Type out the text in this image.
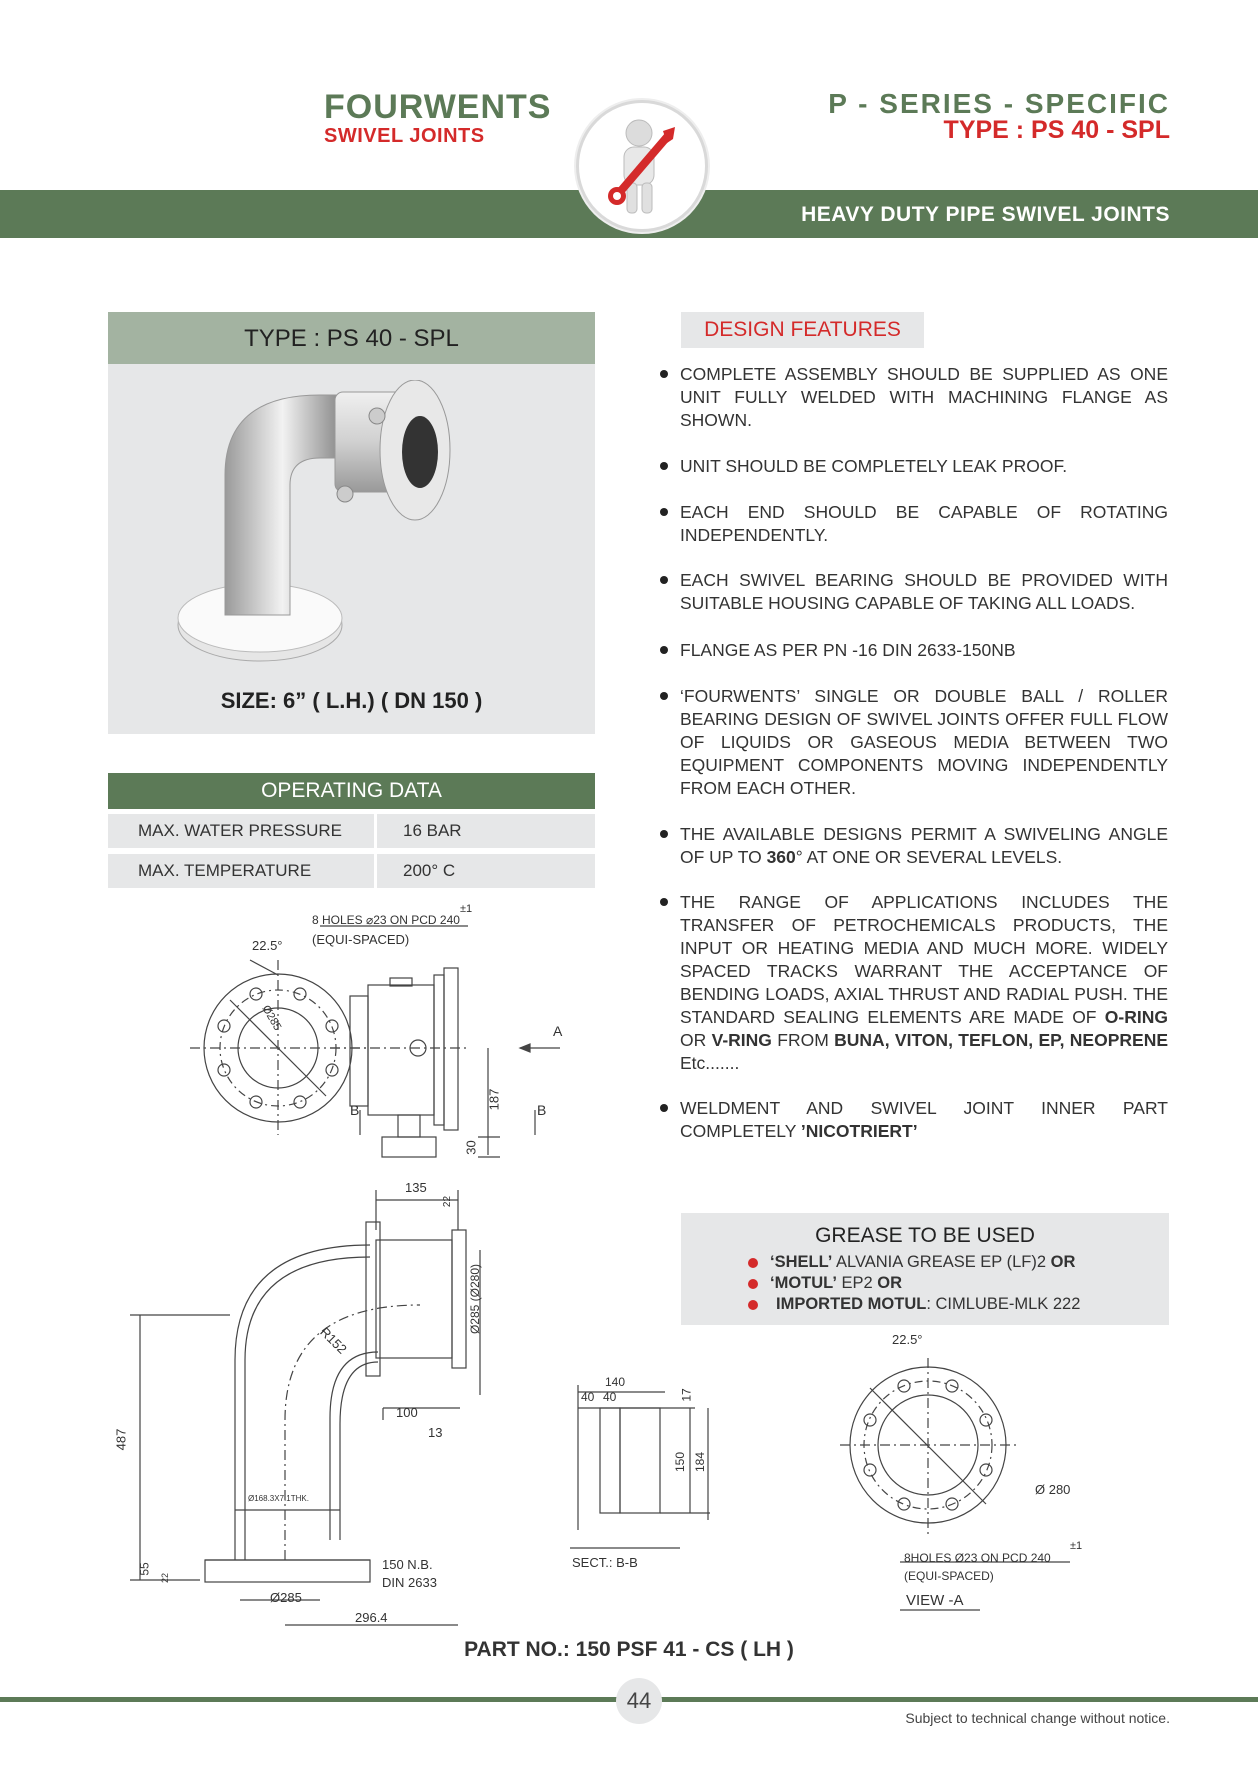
FOURWENTS
SWIVEL JOINTS
P - SERIES - SPECIFIC
TYPE : PS 40 - SPL
HEAVY DUTY PIPE SWIVEL JOINTS
TYPE : PS 40 - SPL
SIZE: 6” ( L.H.) ( DN 150 )
OPERATING DATA
MAX. WATER PRESSURE	16 BAR
MAX. TEMPERATURE	200° C
DESIGN FEATURES
COMPLETE ASSEMBLY SHOULD BE SUPPLIED AS ONE UNIT FULLY WELDED WITH MACHINING FLANGE AS SHOWN.
UNIT SHOULD BE COMPLETELY LEAK PROOF.
EACH END SHOULD BE CAPABLE OF ROTATING INDEPENDENTLY.
EACH SWIVEL BEARING SHOULD BE PROVIDED WITH SUITABLE HOUSING CAPABLE OF TAKING ALL LOADS.
FLANGE AS PER PN -16 DIN 2633-150NB
‘FOURWENTS’ SINGLE OR DOUBLE BALL / ROLLER BEARING DESIGN OF SWIVEL JOINTS OFFER FULL FLOW OF LIQUIDS OR GASEOUS MEDIA BETWEEN TWO EQUIPMENT COMPONENTS MOVING INDEPENDENTLY FROM EACH OTHER.
THE AVAILABLE DESIGNS PERMIT A SWIVELING ANGLE OF UP TO 360° AT ONE OR SEVERAL LEVELS.
THE RANGE OF APPLICATIONS INCLUDES THE TRANSFER OF PETROCHEMICALS PRODUCTS, THE INPUT OR HEATING MEDIA AND MUCH MORE. WIDELY SPACED TRACKS WARRANT THE ACCEPTANCE OF BENDING LOADS, AXIAL THRUST AND RADIAL PUSH. THE STANDARD SEALING ELEMENTS ARE MADE OF O-RING OR V-RING FROM BUNA, VITON, TEFLON, EP, NEOPRENE Etc.......
WELDMENT AND SWIVEL JOINT INNER PART COMPLETELY ’NICOTRIERT’
GREASE TO BE USED
‘SHELL’ ALVANIA GREASE EP (LF)2 OR
‘MOTUL’ EP2 OR
IMPORTED MOTUL: CIMLUBE-MLK 222
8 HOLES ⌀23 ON PCD 240
±1
(EQUI-SPACED)
22.5°
Ø285	A
B	B
187
30
135
22
Ø285 (Ø280)
R152
100
13
487
Ø168.3X7.1THK.
55
22
150 N.B.
DIN 2633
Ø285
296.4
140
40 40	17
150 184
SECT.: B-B
22.5°
Ø 280
8HOLES Ø23 ON PCD 240
±1
(EQUI-SPACED)
VIEW -A
PART NO.: 150 PSF 41 - CS ( LH )
44
Subject to technical change without notice.
